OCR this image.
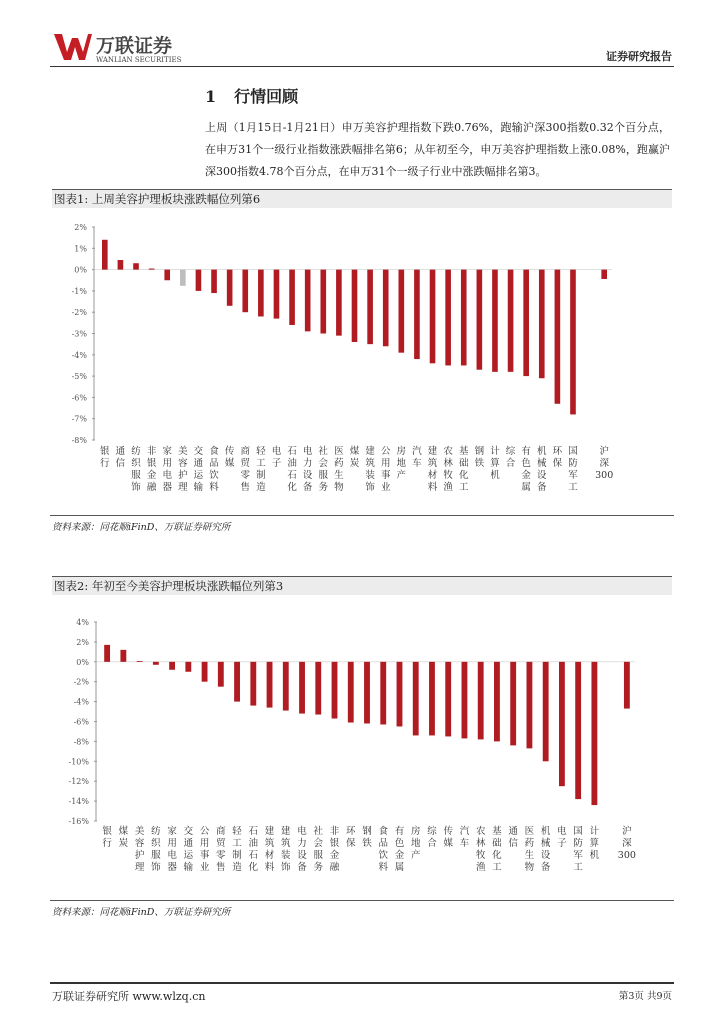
万联证券
WANLIAN SECURITIES	证券研究报告
1 行情回顾
上周（1月15日-1月21日）申万美容护理指数下跌0.76%，跑输沪深300指数0.32个百分点，在申万31个一级行业指数涨跌幅排名第6；从年初至今，申万美容护理指数上涨0.08%，跑赢沪深300指数4.78个百分点，在申万31个一级子行业中涨跌幅排名第3。
图表1: 上周美容护理板块涨跌幅位列第6
2%
1%
0%
-1%
-2%
-3%
-4%
-5%
-6%
-7%
-8%
银行
通信
纺织服饰
非银金融
家用电器
美容护理
交通运输
食品饮料
传媒
商贸零售
轻工制造
电子
石油石化
电力设备
社会服务
医药生物
煤炭
建筑装饰
公用事业
房地产
汽车
建筑材料
农林牧渔
基础化工
钢铁
计算机
综合
有色金属
机械设备
环保
国防军工
沪深 300
资料来源：同花顺iFinD、万联证券研究所
图表2: 年初至今美容护理板块涨跌幅位列第3
4%
2%
0%
-2%
-4%
-6%
-8%
-10%
-12%
-14%
-16%
银行
煤炭
美容护理
纺织服饰
家用电器
交通运输
公用事业
商贸零售
轻工制造
石油石化
建筑材料
建筑装饰
电力设备
社会服务
非银金融
环保
钢铁
食品饮料
有色金属
房地产
综合
传媒
汽车
农林牧渔
基础化工
通信
医药生物
机械设备
电子
国防军工
计算机
沪深 300
资料来源：同花顺iFinD、万联证券研究所
万联证券研究所 www.wlzq.cn	第3页 共9页
